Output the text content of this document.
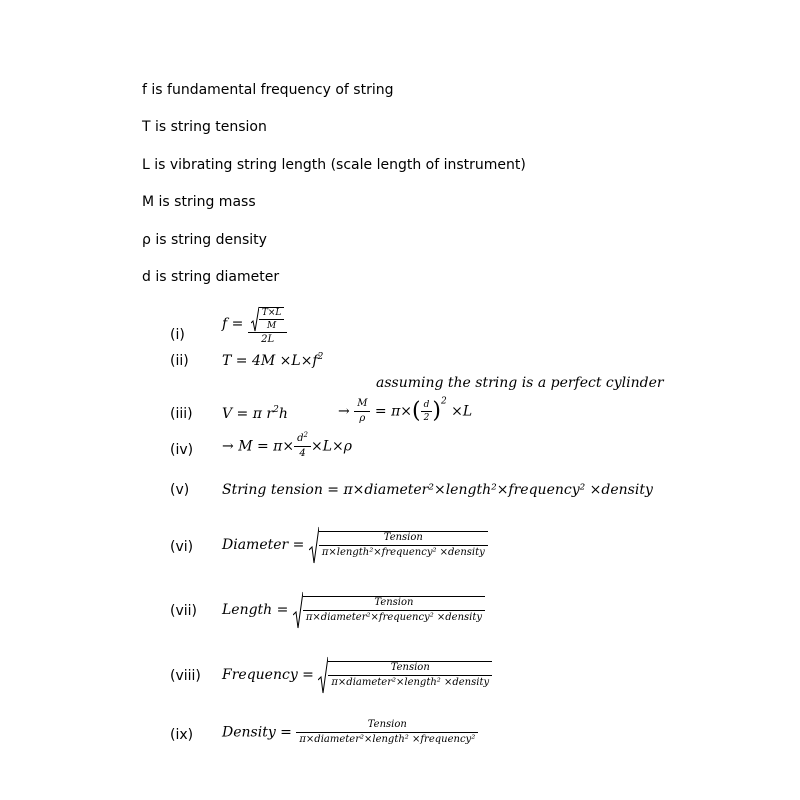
f is fundamental frequency of string
T is string tension
L is vibrating string length (scale length of instrument)
M is string mass
ρ is string density
d is string diameter
(i)
(ii)
(iii)
(iv)
(v)
(vi)
(vii)
(viii)
(ix)
$f = \frac{\frac{T\times L}{M}}{2L}$
$T = 4M \times L\times f^2$
assuming the string is a perfect cylinder
V = π $r^2h$	→ $\frac{M}{\rho} = \pi\times( \frac{d}{2} )^2 \times L$
→ $M = \pi\times \frac{d^2}{4} \times L\times\rho$
String tension = π×diameter²×length²×frequency² ×density
Diameter = $\frac{\text{Tension}}{\text{π×length²×frequency² ×density}}$
Length = $\frac{\text{Tension}}{\text{π×diameter²×frequency² ×density}}$
Frequency = $\frac{\text{Tension}}{\text{π×diameter²×length² ×density}}$
Density = $\frac{\text{Tension}}{\text{π×diameter²×length² ×frequency²}}$
